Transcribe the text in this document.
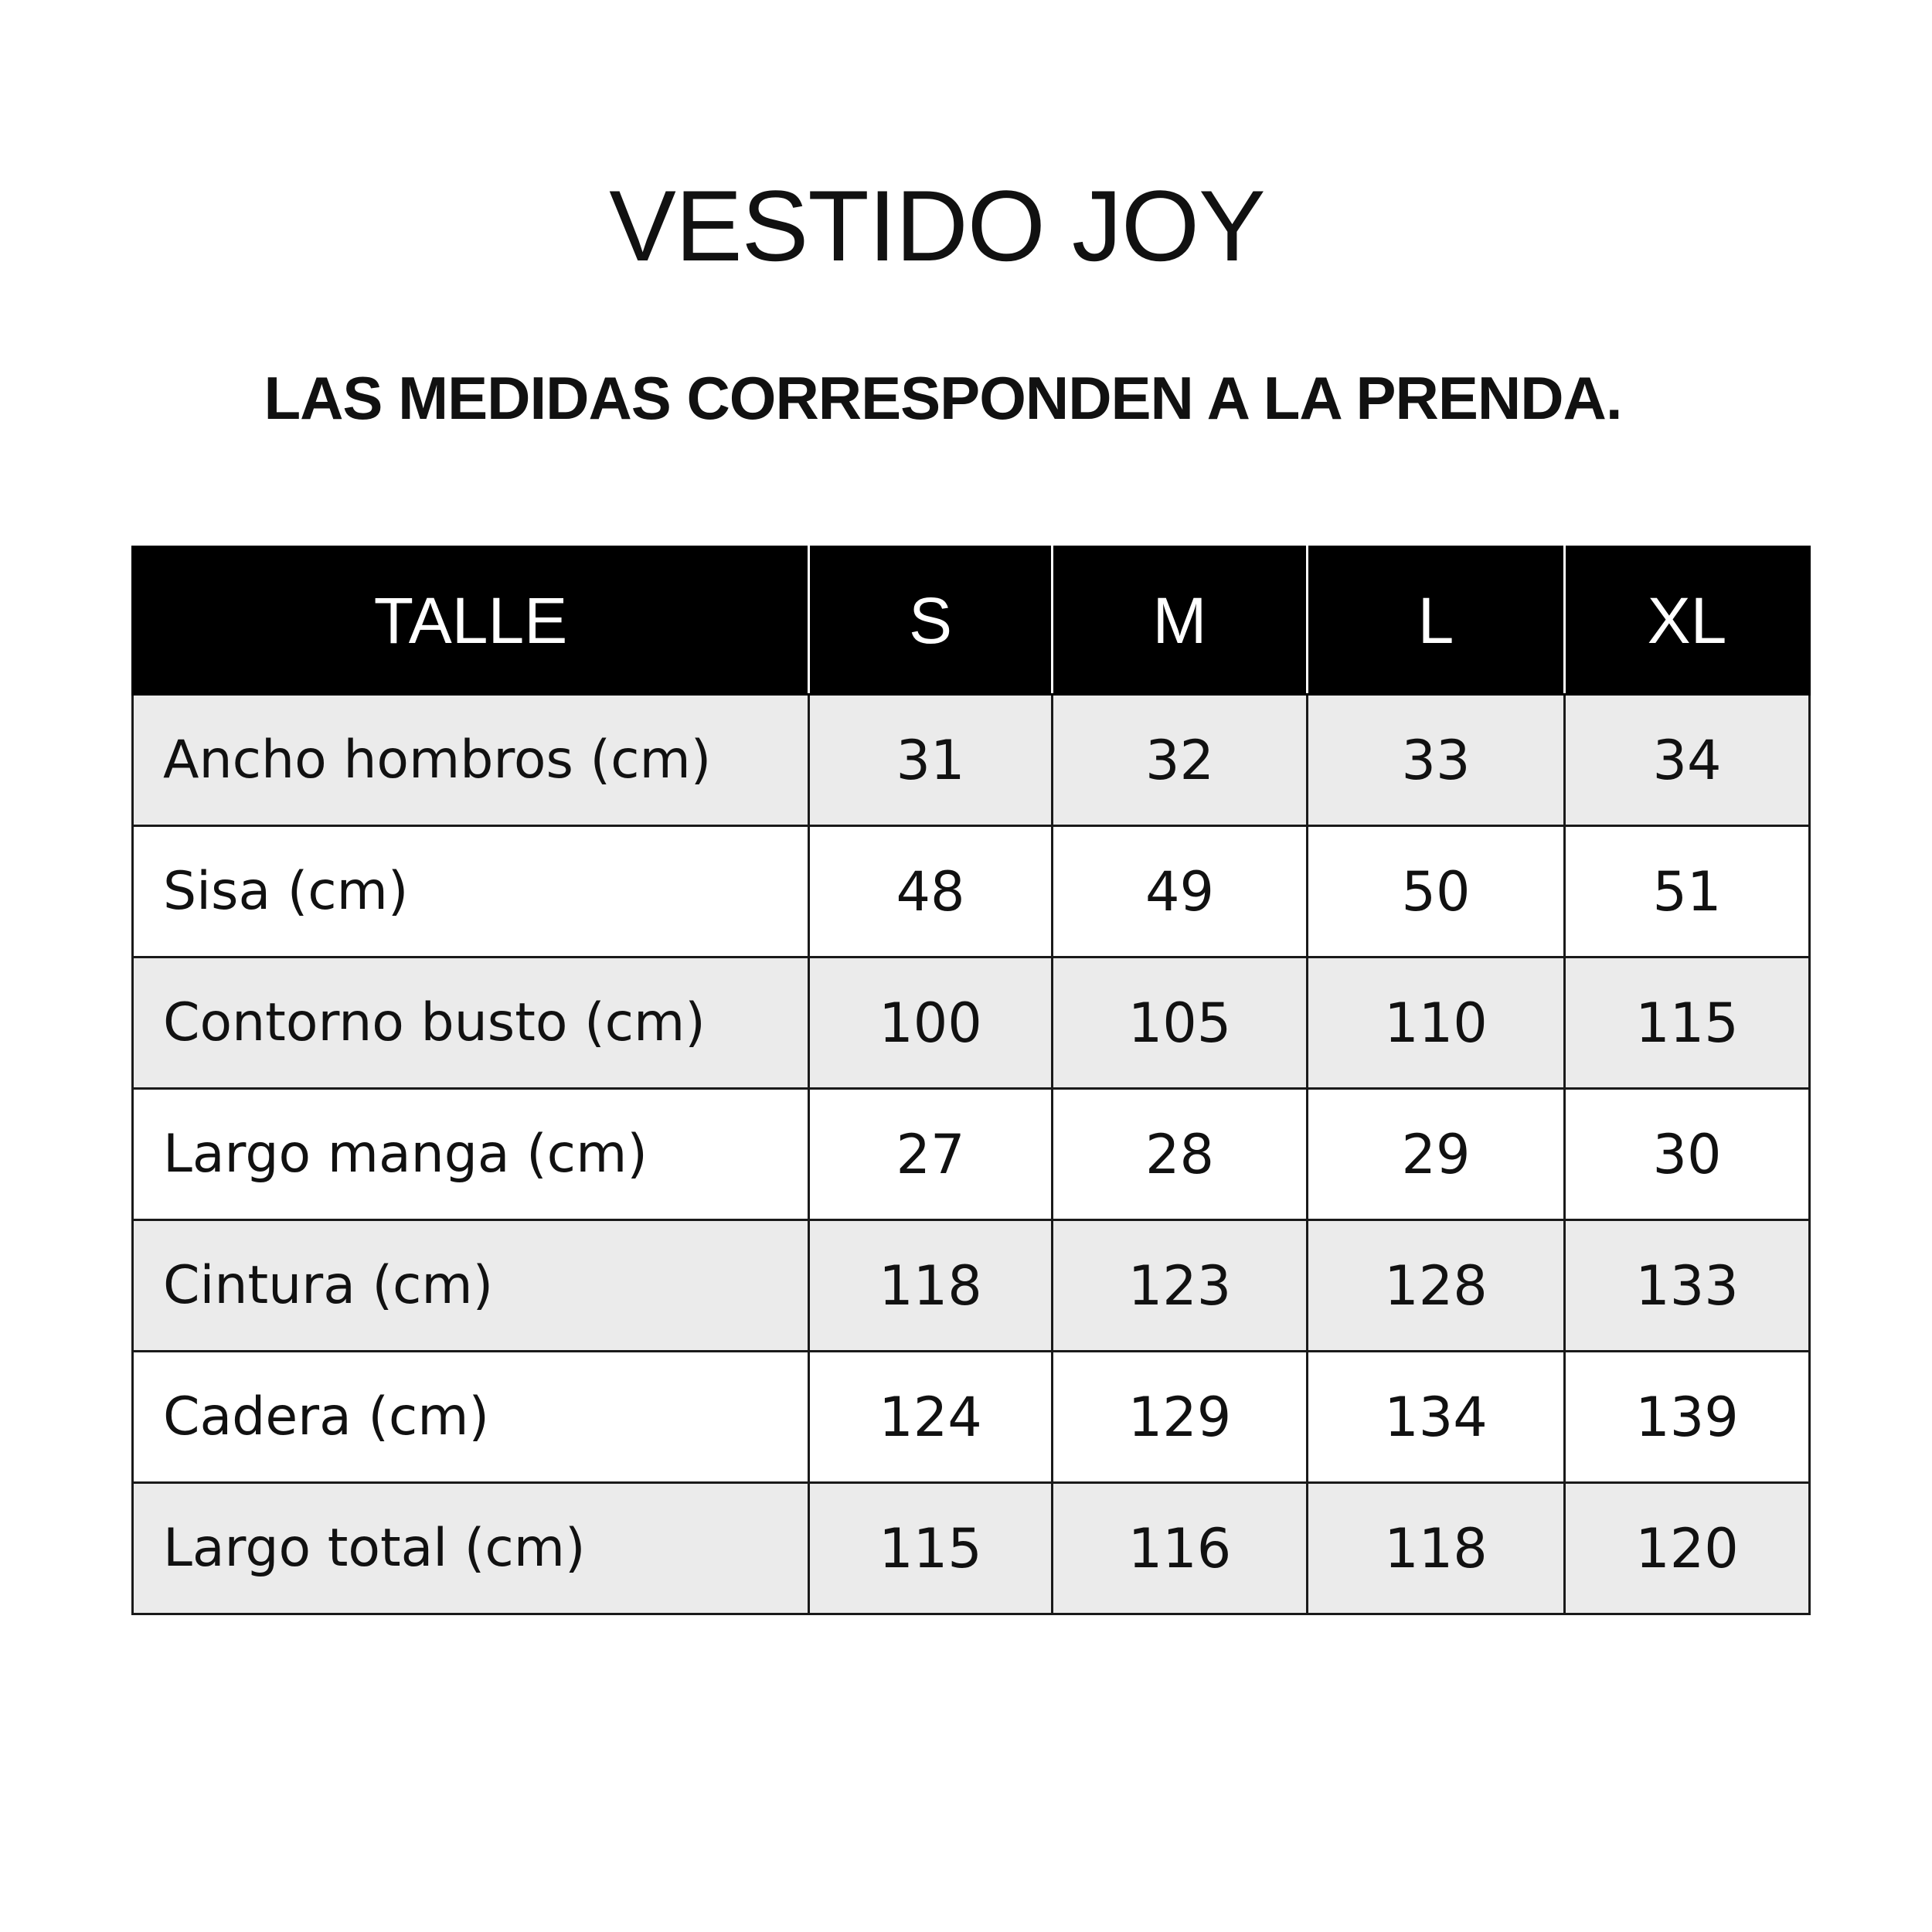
VESTIDO JOY
LAS MEDIDAS CORRESPONDEN A LA PRENDA.
TALLE	S	M	L	XL
Ancho hombros (cm)	31	32	33	34
Sisa (cm)	48	49	50	51
Contorno busto (cm)	100	105	110	115
Largo manga (cm)	27	28	29	30
Cintura (cm)	118	123	128	133
Cadera (cm)	124	129	134	139
Largo total (cm)	115	116	118	120
